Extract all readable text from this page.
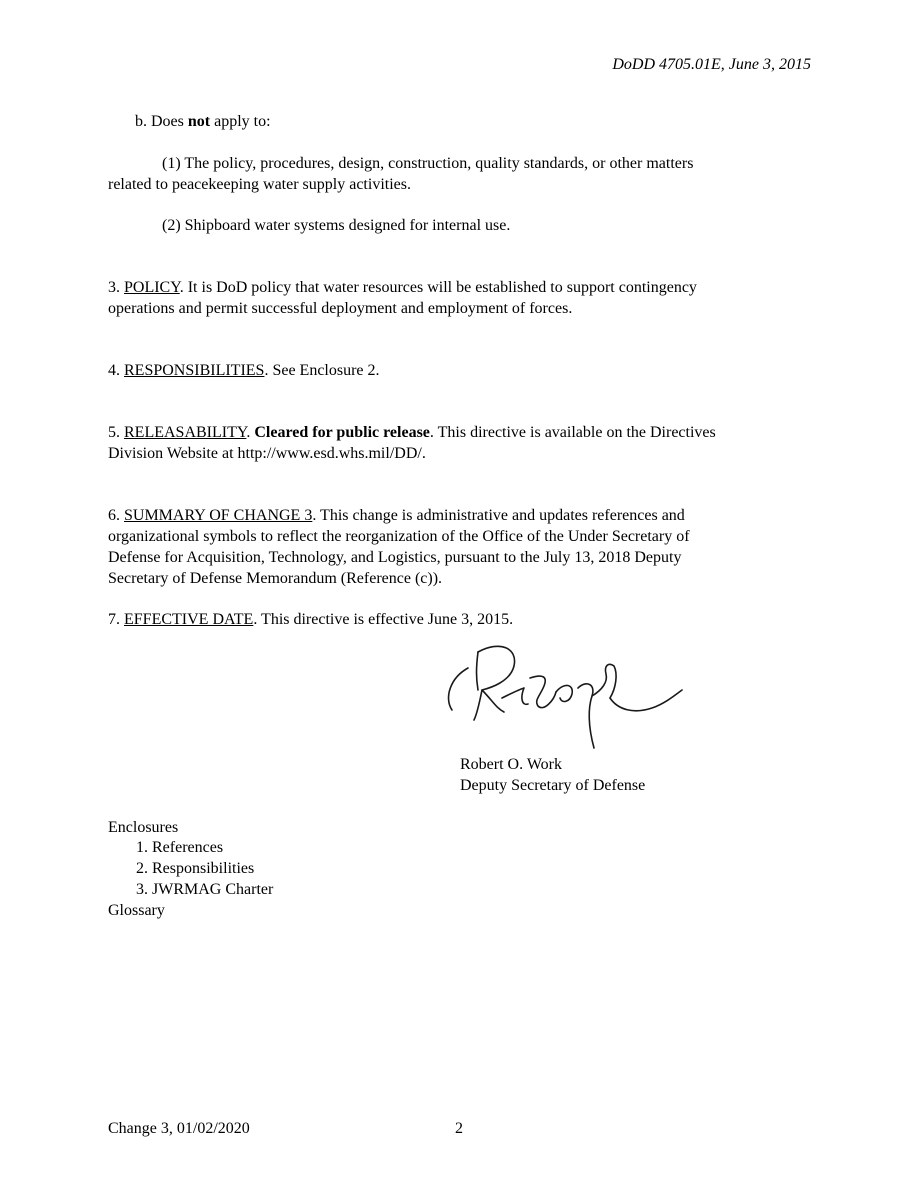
DoDD 4705.01E, June 3, 2015

b. Does not apply to:

(1) The policy, procedures, design, construction, quality standards, or other matters

related to peacekeeping water supply activities.

(2) Shipboard water systems designed for internal use.

3. POLICY. It is DoD policy that water resources will be established to support contingency

operations and permit successful deployment and employment of forces.

4. RESPONSIBILITIES. See Enclosure 2.

5. RELEASABILITY. Cleared for public release. This directive is available on the Directives

Division Website at http://www.esd.whs.mil/DD/.

6. SUMMARY OF CHANGE 3. This change is administrative and updates references and

organizational symbols to reflect the reorganization of the Office of the Under Secretary of

Defense for Acquisition, Technology, and Logistics, pursuant to the July 13, 2018 Deputy

Secretary of Defense Memorandum (Reference (c)).

7. EFFECTIVE DATE. This directive is effective June 3, 2015.

Robert O. Work

Deputy Secretary of Defense

Enclosures

1. References

2. Responsibilities

3. JWRMAG Charter

Glossary

Change 3, 01/02/2020	2
